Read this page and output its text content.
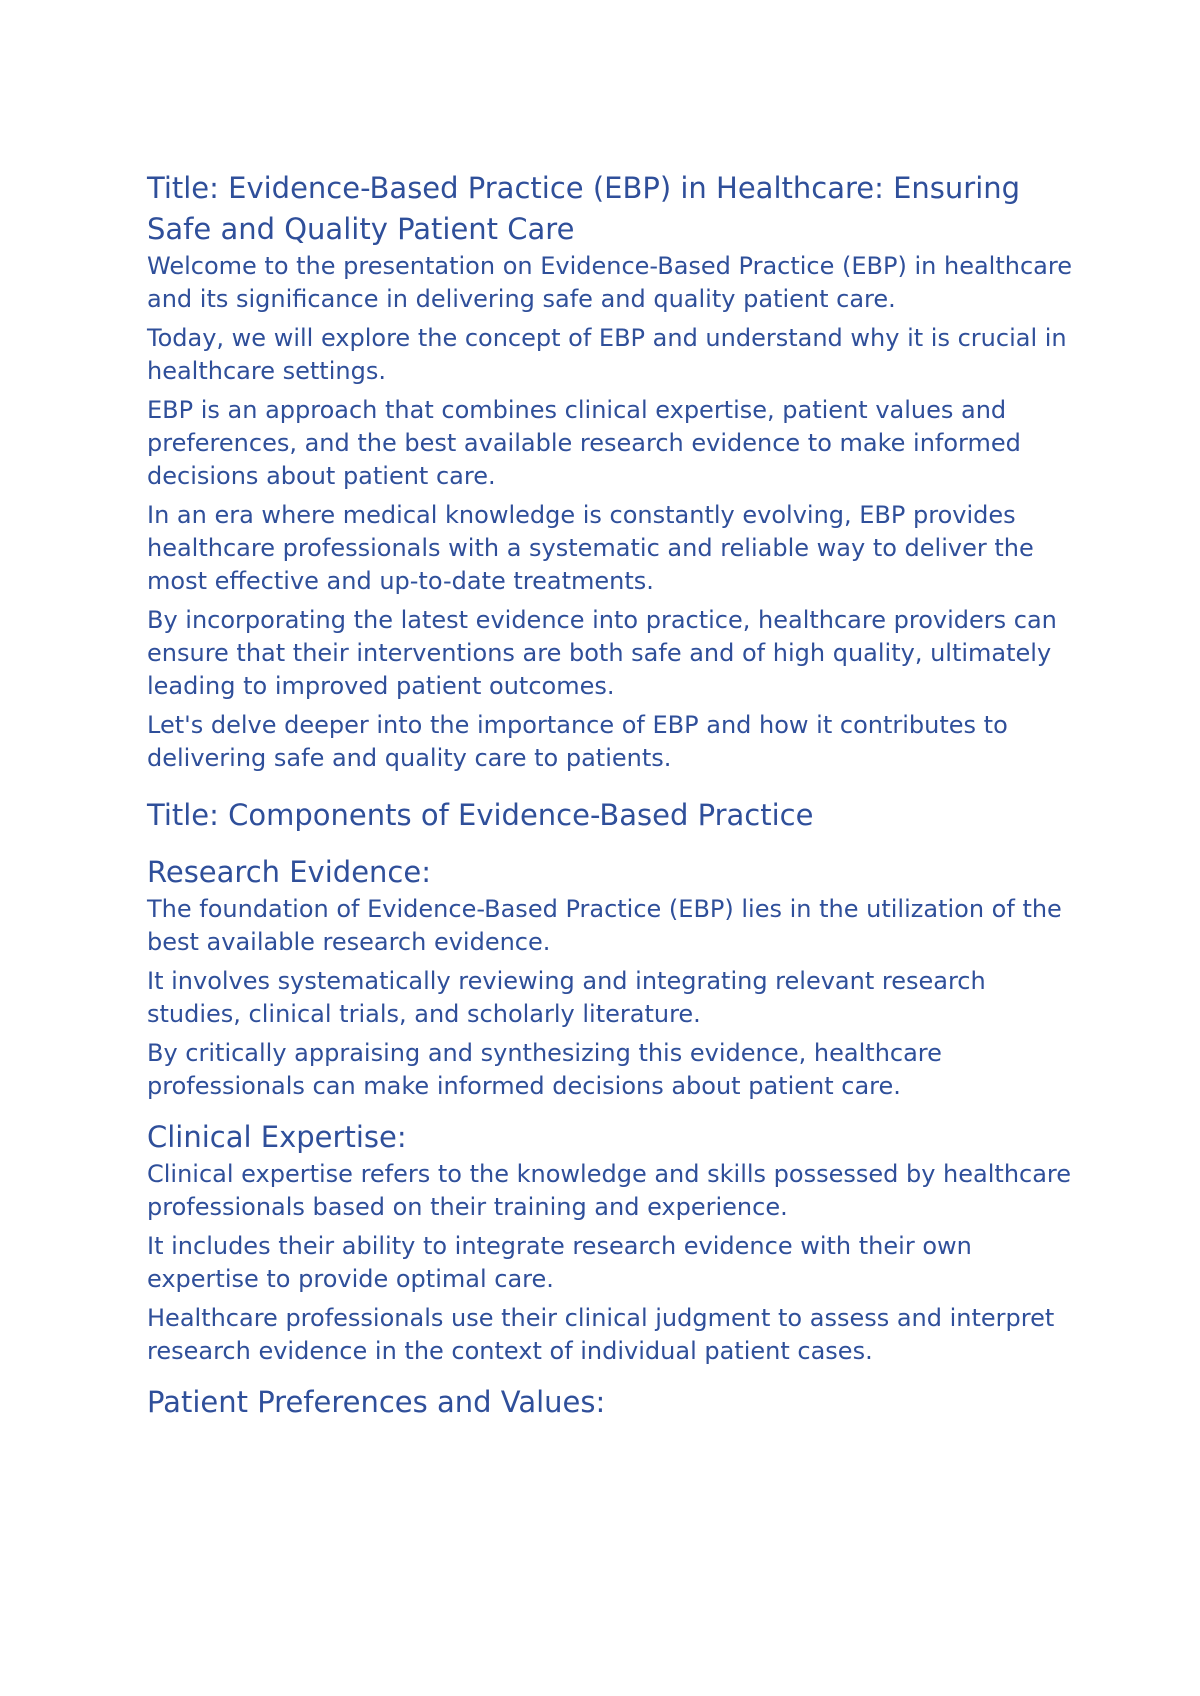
Title: Evidence-Based Practice (EBP) in Healthcare: Ensuring Safe and Quality Patient Care

Welcome to the presentation on Evidence-Based Practice (EBP) in healthcare and its significance in delivering safe and quality patient care.

Today, we will explore the concept of EBP and understand why it is crucial in healthcare settings.

EBP is an approach that combines clinical expertise, patient values and preferences, and the best available research evidence to make informed decisions about patient care.

In an era where medical knowledge is constantly evolving, EBP provides healthcare professionals with a systematic and reliable way to deliver the most effective and up-to-date treatments.

By incorporating the latest evidence into practice, healthcare providers can ensure that their interventions are both safe and of high quality, ultimately leading to improved patient outcomes.

Let's delve deeper into the importance of EBP and how it contributes to delivering safe and quality care to patients.

Title: Components of Evidence-Based Practice
Research Evidence:

The foundation of Evidence-Based Practice (EBP) lies in the utilization of the best available research evidence.

It involves systematically reviewing and integrating relevant research studies, clinical trials, and scholarly literature.

By critically appraising and synthesizing this evidence, healthcare professionals can make informed decisions about patient care.

Clinical Expertise:

Clinical expertise refers to the knowledge and skills possessed by healthcare professionals based on their training and experience.

It includes their ability to integrate research evidence with their own expertise to provide optimal care.

Healthcare professionals use their clinical judgment to assess and interpret research evidence in the context of individual patient cases.

Patient Preferences and Values:
